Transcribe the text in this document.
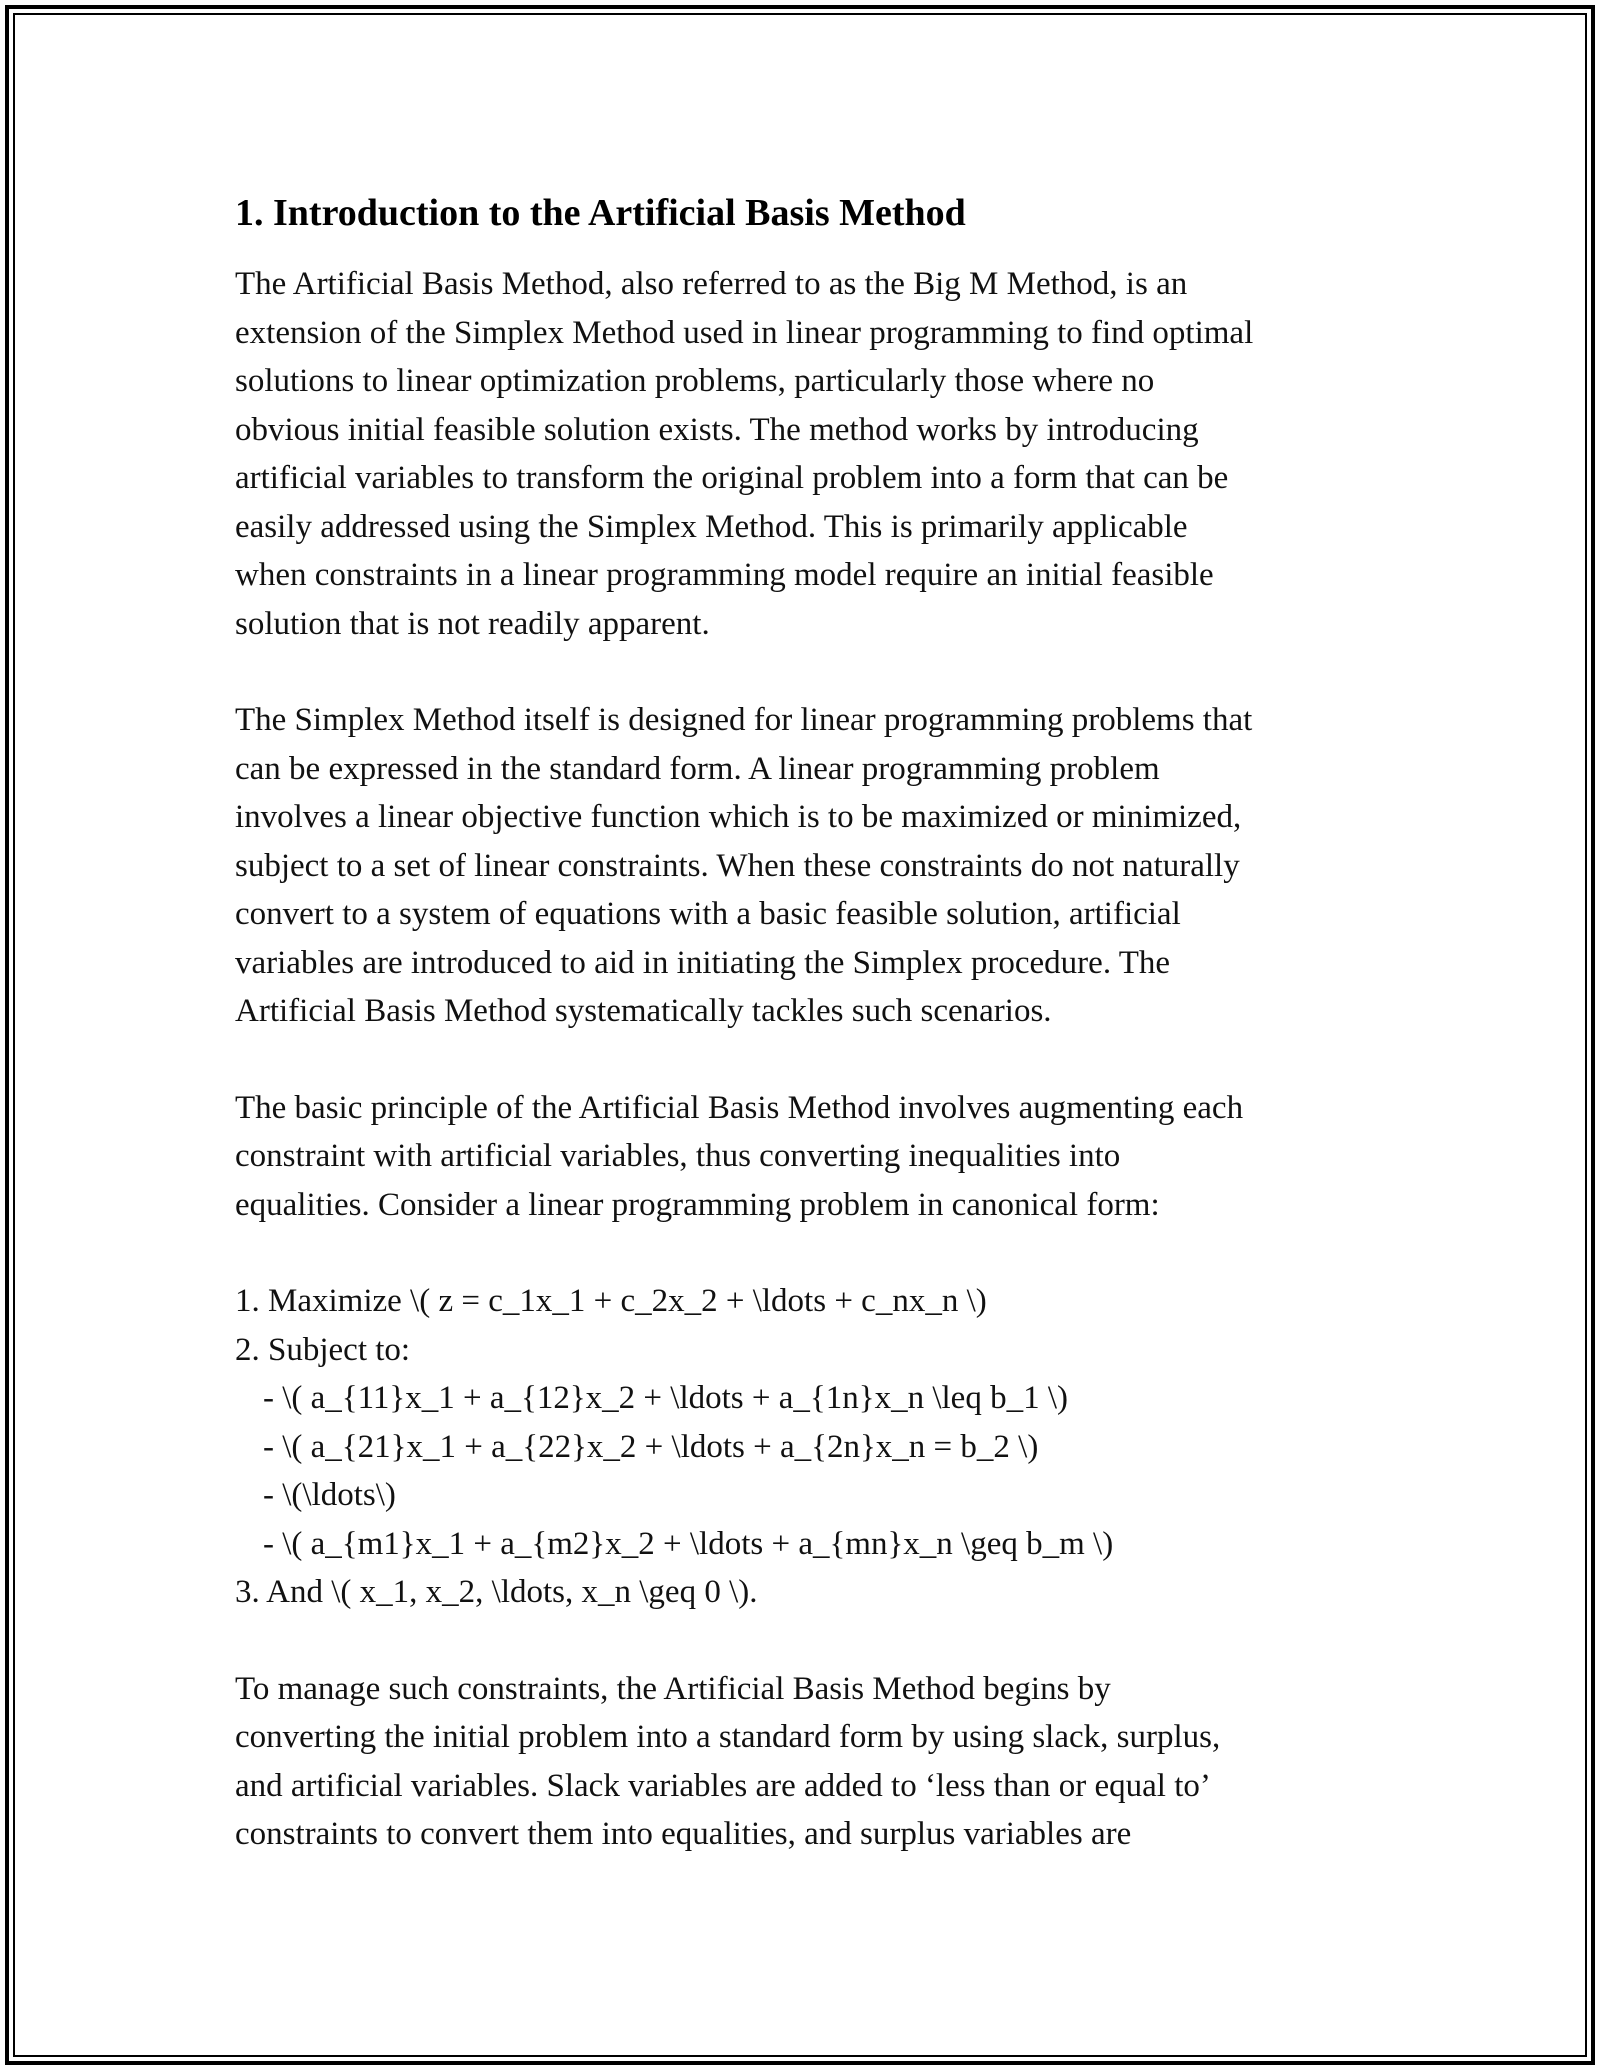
1. Introduction to the Artificial Basis Method

The Artificial Basis Method, also referred to as the Big M Method, is an
extension of the Simplex Method used in linear programming to find optimal
solutions to linear optimization problems, particularly those where no
obvious initial feasible solution exists. The method works by introducing
artificial variables to transform the original problem into a form that can be
easily addressed using the Simplex Method. This is primarily applicable
when constraints in a linear programming model require an initial feasible
solution that is not readily apparent.

The Simplex Method itself is designed for linear programming problems that
can be expressed in the standard form. A linear programming problem
involves a linear objective function which is to be maximized or minimized,
subject to a set of linear constraints. When these constraints do not naturally
convert to a system of equations with a basic feasible solution, artificial
variables are introduced to aid in initiating the Simplex procedure. The
Artificial Basis Method systematically tackles such scenarios.

The basic principle of the Artificial Basis Method involves augmenting each
constraint with artificial variables, thus converting inequalities into
equalities. Consider a linear programming problem in canonical form:

1. Maximize \( z = c_1x_1 + c_2x_2 + \ldots + c_nx_n \)
2. Subject to:
- \( a_{11}x_1 + a_{12}x_2 + \ldots + a_{1n}x_n \leq b_1 \)
- \( a_{21}x_1 + a_{22}x_2 + \ldots + a_{2n}x_n = b_2 \)
- \(\ldots\)
- \( a_{m1}x_1 + a_{m2}x_2 + \ldots + a_{mn}x_n \geq b_m \)
3. And \( x_1, x_2, \ldots, x_n \geq 0 \).

To manage such constraints, the Artificial Basis Method begins by
converting the initial problem into a standard form by using slack, surplus,
and artificial variables. Slack variables are added to ‘less than or equal to’
constraints to convert them into equalities, and surplus variables are
